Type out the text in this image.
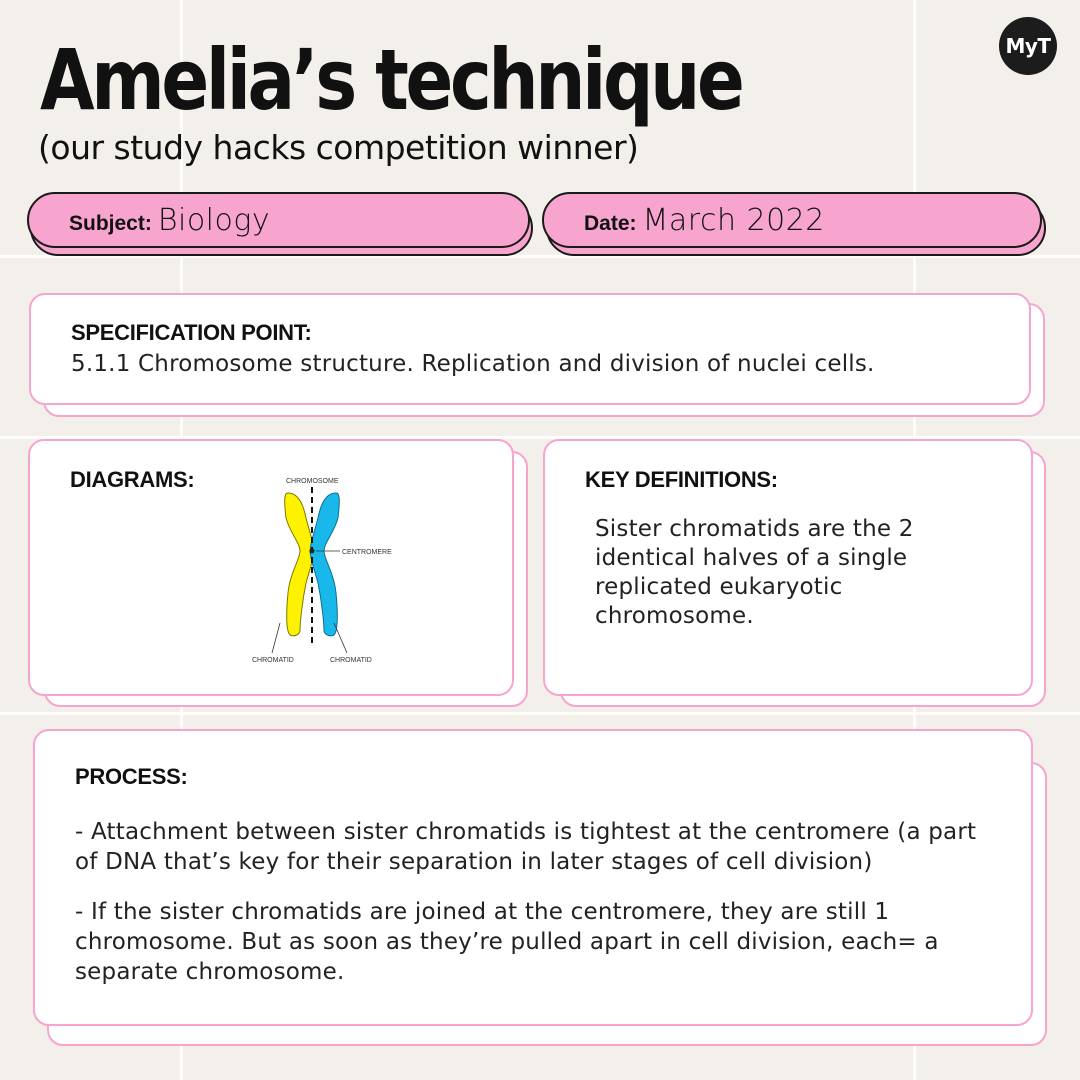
MyT
Amelia’s technique
(our study hacks competition winner)
Subject: Biology	Date: March 2022
SPECIFICATION POINT:
5.1.1 Chromosome structure. Replication and division of nuclei cells.
DIAGRAMS:	CHROMOSOME
CENTROMERE
CHROMATID	CHROMATID
KEY DEFINITIONS:
Sister chromatids are the 2 identical halves of a single replicated eukaryotic chromosome.
PROCESS:

- Attachment between sister chromatids is tightest at the centromere (a part of DNA that’s key for their separation in later stages of cell division)

- If the sister chromatids are joined at the centromere, they are still 1 chromosome. But as soon as they’re pulled apart in cell division, each= a separate chromosome.
